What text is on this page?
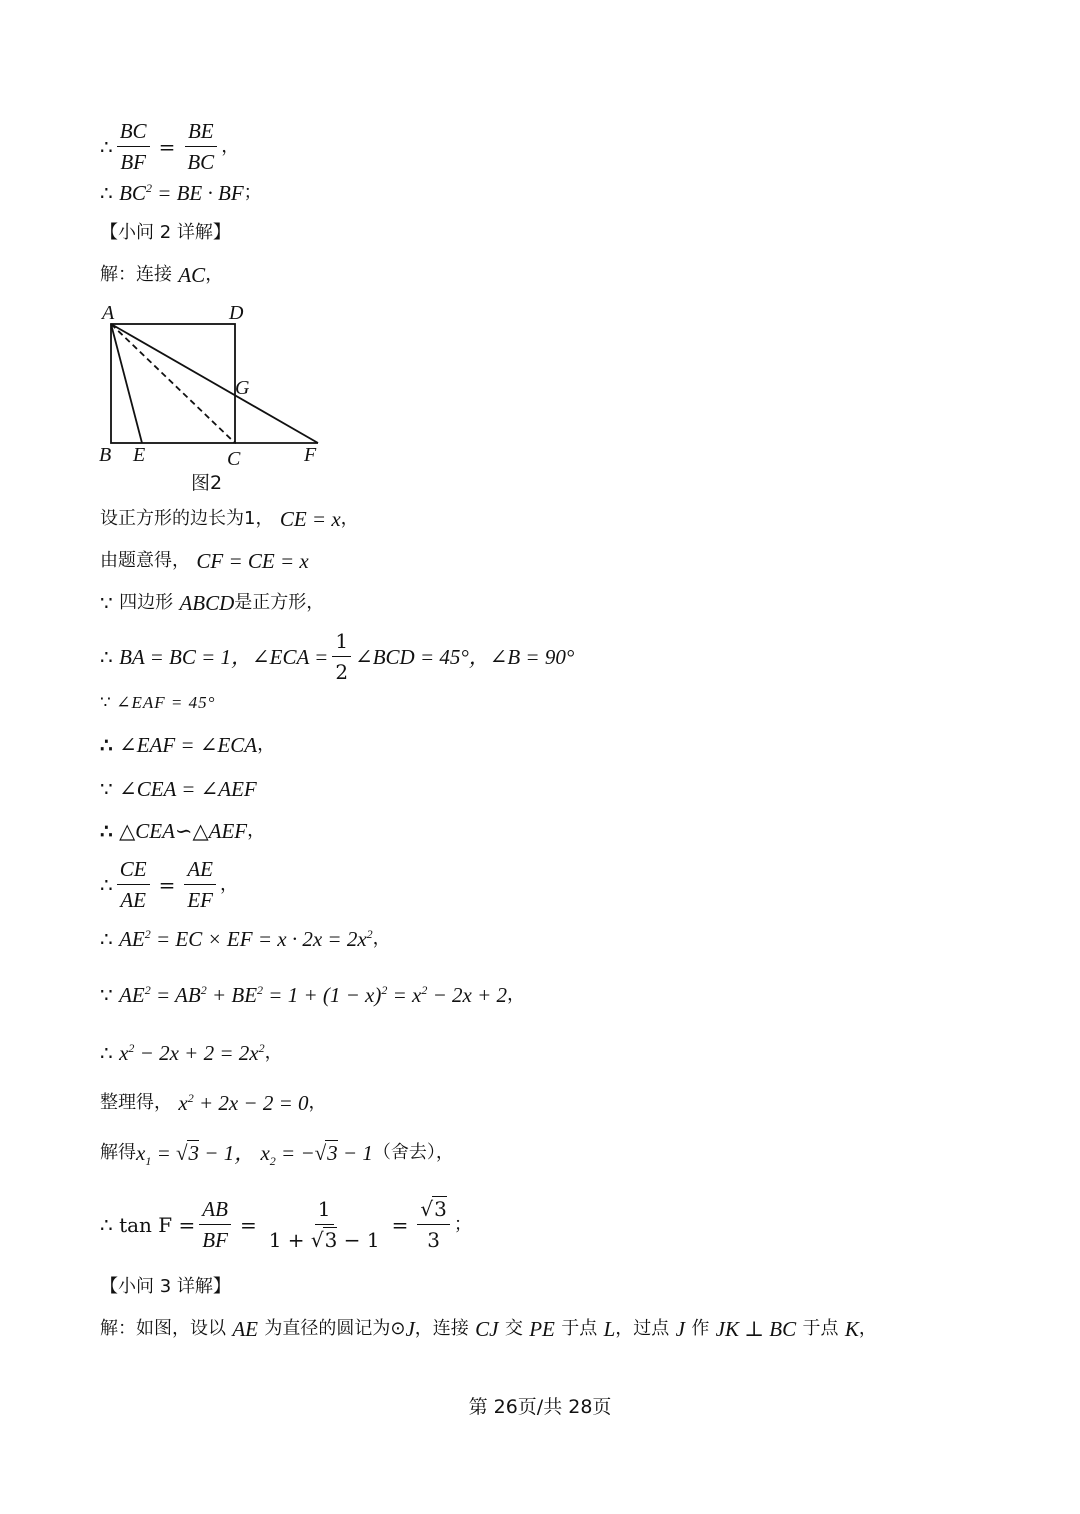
∴ $\frac{BC}{BF} = \frac{BE}{BC}$ ，
∴
$BC^2$ = BE · BF ；
【小问 2 详解】
解：连接
AC ，
A	D
G
B E	C	F
图2
设正方形的边长为1，
CE = x ，
由题意得，
CF = CE = x
∵
四边形
ABCD 是正方形，
∴
BA = BC = 1，∠ECA = $\frac{1}{2}$ ∠BCD = 45°，∠B = 90°
∵
∠EAF = 45°
∴
∠EAF = ∠ECA ，
∵
∠CEA = ∠AEF
∴
△CEA∽△AEF ，
∴ $\frac{CE}{AE} = \frac{AE}{EF}$ ，
∴
$AE^2$ = EC × EF = $x \cdot 2x = 2x^2$ ，
∵
$AE^2 = AB^2 + BE^2 = 1 + (1 - x)^2 = x^2 - 2x + 2$ ，
∴
$x^2 - 2x + 2 = 2x^2$ ，
整理得，
$x^2 + 2x - 2 = 0$ ，
解得 $x_1 = √3 - 1$， $x_2 = -√3 - 1$ （舍去），
∴
$\tan F = \frac{AB}{BF} = \frac{1}{1 + √3 - 1} = \frac{√3}{3}$ ；
【小问 3 详解】
解：如图，设以
AE
为直径的圆记为⊙ J ，连接
CJ
交
PE
于点
L ，过点
J
作
JK ⊥ BC
于点
K ，
第 26页/共 28页
